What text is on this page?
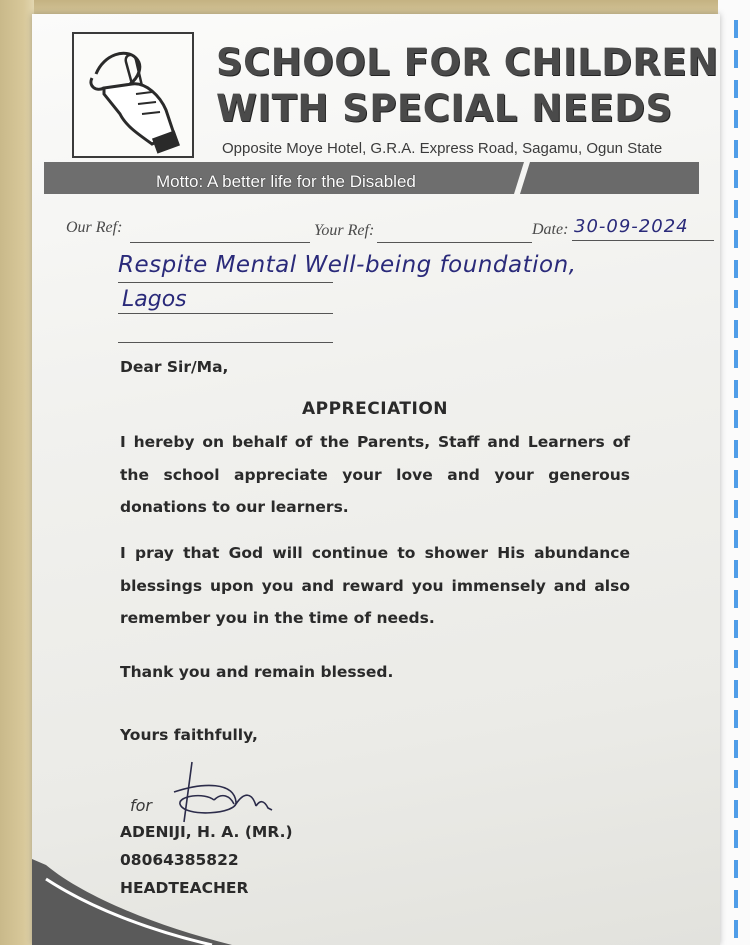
SCHOOL FOR CHILDREN
WITH SPECIAL NEEDS
Opposite Moye Hotel, G.R.A. Express Road, Sagamu, Ogun State
Motto: A better life for the Disabled
Our Ref:	Your Ref:	Date: 30-09-2024
Respite Mental Well-being foundation,
Lagos
Dear Sir/Ma,
APPRECIATION
I hereby on behalf of the Parents, Staff and Learners of the school appreciate your love and your generous donations to our learners.
I pray that God will continue to shower His abundance blessings upon you and reward you immensely and also remember you in the time of needs.
Thank you and remain blessed.
Yours faithfully,
for
ADENIJI, H. A. (MR.)
08064385822
HEADTEACHER
